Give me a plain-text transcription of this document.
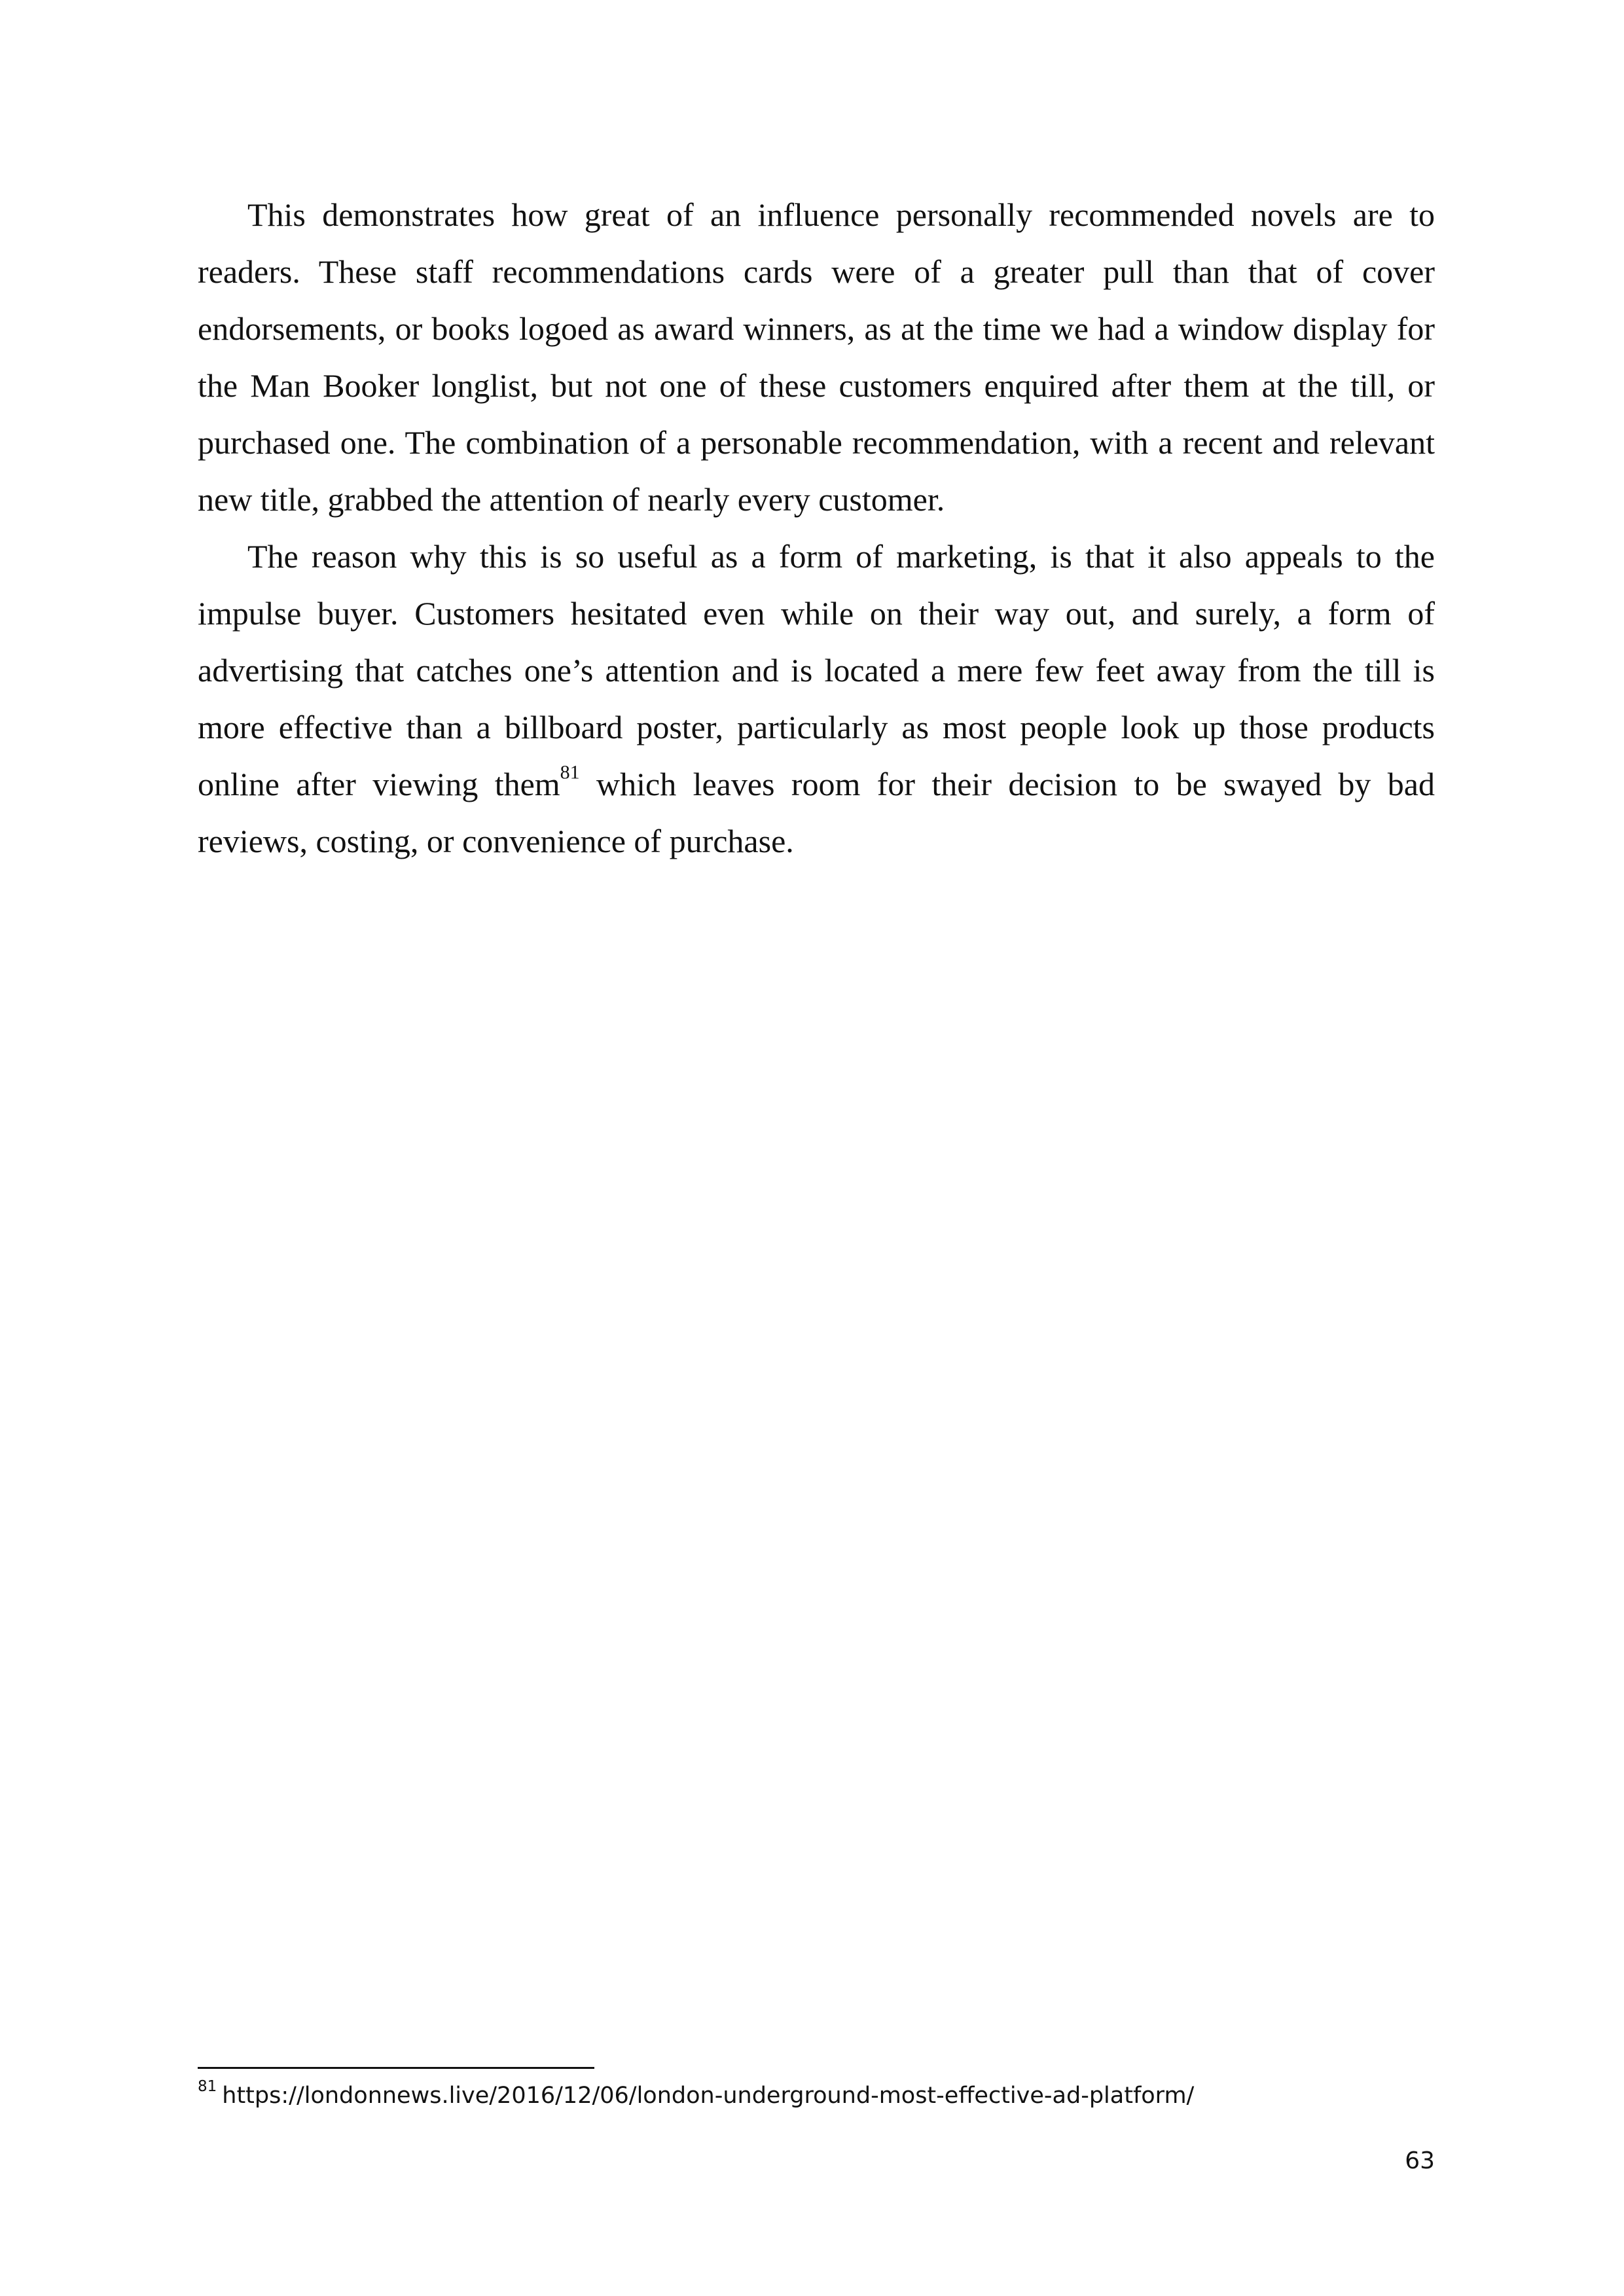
This demonstrates how great of an influence personally recommended novels are to readers. These staff recommendations cards were of a greater pull than that of cover endorsements, or books logoed as award winners, as at the time we had a window display for the Man Booker longlist, but not one of these customers enquired after them at the till, or purchased one. The combination of a personable recommendation, with a recent and relevant new title, grabbed the attention of nearly every customer.

The reason why this is so useful as a form of marketing, is that it also appeals to the impulse buyer. Customers hesitated even while on their way out, and surely, a form of advertising that catches one’s attention and is located a mere few feet away from the till is more effective than a billboard poster, particularly as most people look up those products online after viewing them$^{81}$ which leaves room for their decision to be swayed by bad reviews, costing, or convenience of purchase.

$^{81}$ https://londonnews.live/2016/12/06/london-underground-most-effective-ad-platform/
63
